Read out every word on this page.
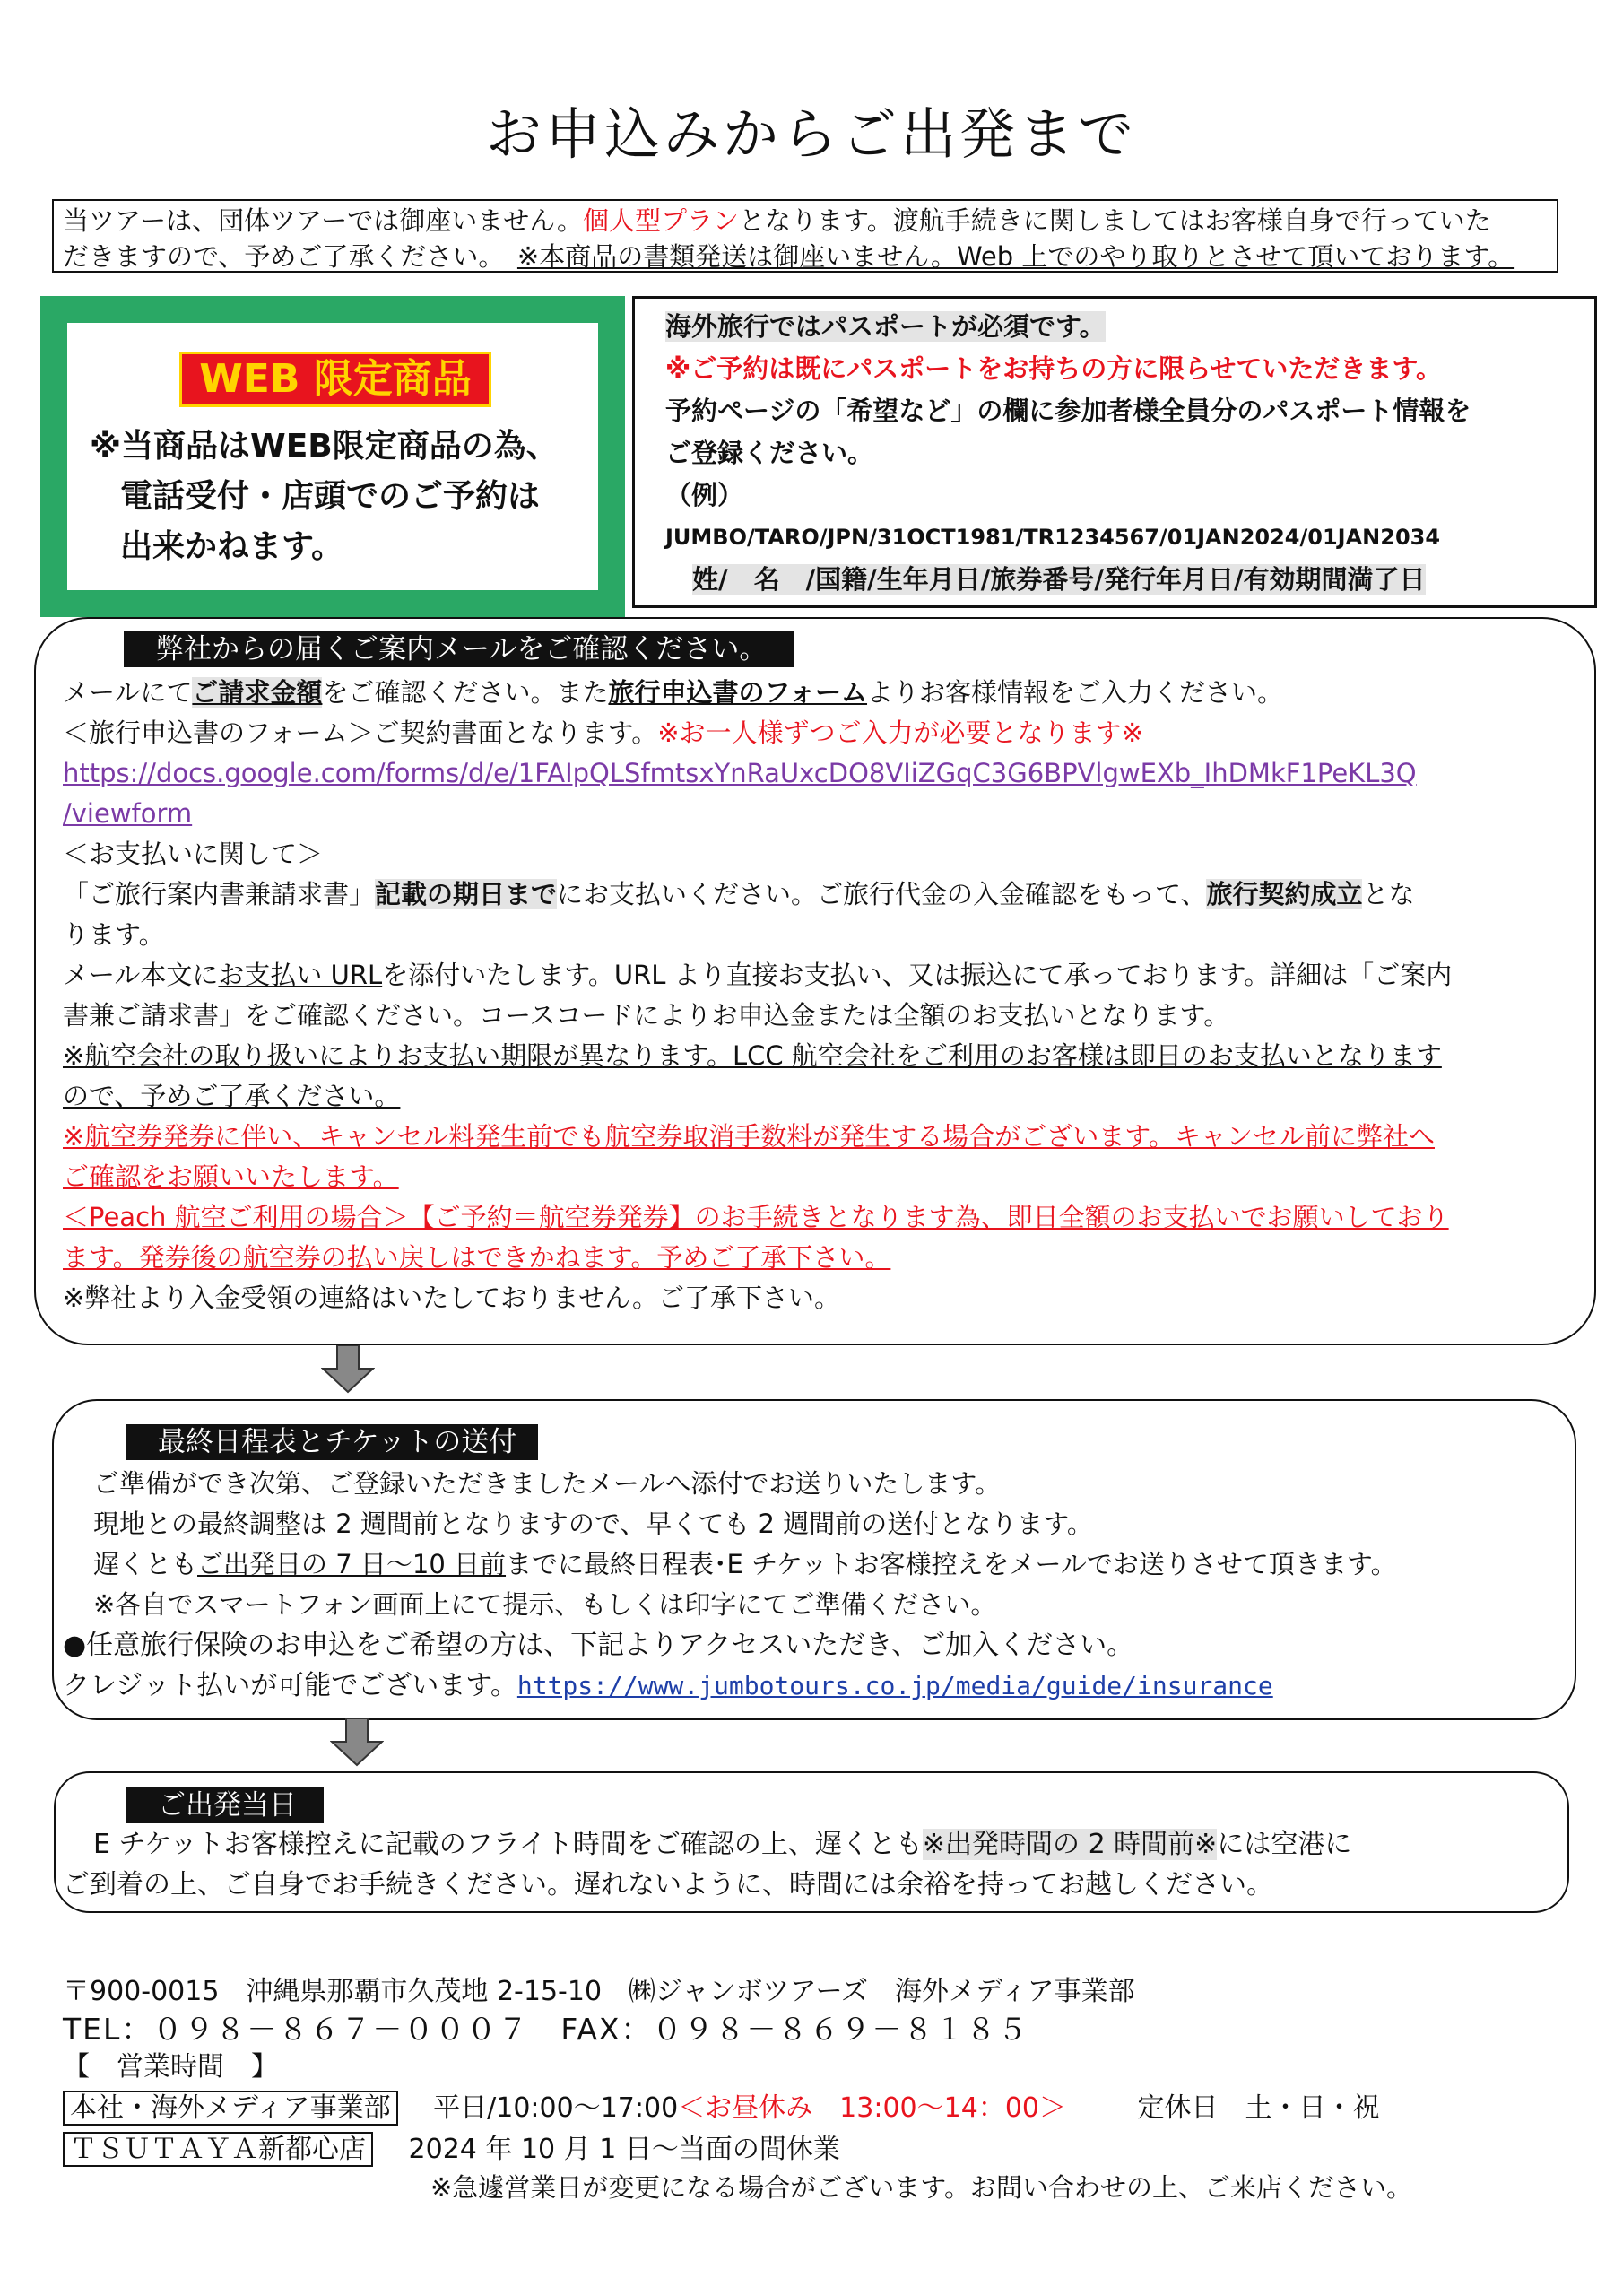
お申込みからご出発まで
当ツアーは、団体ツアーでは御座いません。個人型プランとなります。渡航手続きに関しましてはお客様自身で行っていた
だきますので、予めご了承ください。　※本商品の書類発送は御座いません。Web 上でのやり取りとさせて頂いております。
WEB 限定商品
※当商品はWEB限定商品の為、
電話受付・店頭でのご予約は
出来かねます。
海外旅行ではパスポートが必須です。
※ご予約は既にパスポートをお持ちの方に限らせていただきます。
予約ページの「希望など」の欄に参加者様全員分のパスポート情報を
ご登録ください。
（例）
JUMBO/TARO/JPN/31OCT1981/TR1234567/01JAN2024/01JAN2034
姓/　名　/国籍/生年月日/旅券番号/発行年月日/有効期間満了日
弊社からの届くご案内メールをご確認ください。
メールにてご請求金額をご確認ください。また旅行申込書のフォームよりお客様情報をご入力ください。
＜旅行申込書のフォーム＞ご契約書面となります。※お一人様ずつご入力が必要となります※
https://docs.google.com/forms/d/e/1FAIpQLSfmtsxYnRaUxcDO8VIiZGqC3G6BPVlgwEXb_IhDMkF1PeKL3Q
/viewform
＜お支払いに関して＞
「ご旅行案内書兼請求書」記載の期日までにお支払いください。ご旅行代金の入金確認をもって、旅行契約成立とな
ります。
メール本文にお支払い URLを添付いたします。URL より直接お支払い、又は振込にて承っております。詳細は「ご案内
書兼ご請求書」をご確認ください。コースコードによりお申込金または全額のお支払いとなります。
※航空会社の取り扱いによりお支払い期限が異なります。LCC 航空会社をご利用のお客様は即日のお支払いとなります
ので、予めご了承ください。
※航空券発券に伴い、キャンセル料発生前でも航空券取消手数料が発生する場合がございます。キャンセル前に弊社へ
ご確認をお願いいたします。
＜Peach 航空ご利用の場合＞【ご予約＝航空券発券】のお手続きとなります為、即日全額のお支払いでお願いしており
ます。発券後の航空券の払い戻しはできかねます。予めご了承下さい。
※弊社より入金受領の連絡はいたしておりません。ご了承下さい。
最終日程表とチケットの送付
ご準備ができ次第、ご登録いただきましたメールへ添付でお送りいたします。
現地との最終調整は 2 週間前となりますので、早くても 2 週間前の送付となります。
遅くともご出発日の 7 日～10 日前までに最終日程表･E チケットお客様控えをメールでお送りさせて頂きます。
※各自でスマートフォン画面上にて提示、もしくは印字にてご準備ください。
●任意旅行保険のお申込をご希望の方は、下記よりアクセスいただき、ご加入ください。
クレジット払いが可能でございます。https://www.jumbotours.co.jp/media/guide/insurance
ご出発当日
E チケットお客様控えに記載のフライト時間をご確認の上、遅くとも※出発時間の 2 時間前※には空港に
ご到着の上、ご自身でお手続きください。遅れないように、時間には余裕を持ってお越しください。
〒900-0015　沖縄県那覇市久茂地 2-15-10　㈱ジャンボツアーズ　海外メディア事業部
TEL：０９８－８６７－０００７　FAX：０９８－８６９－８１８５
【　営業時間　】
本社・海外メディア事業部　 平日/10:00～17:00＜お昼休み　13:00～14：00＞	定休日　土・日・祝
ＴＳＵＴＡＹＡ新都心店　 2024 年 10 月 1 日～当面の間休業
※急遽営業日が変更になる場合がございます。お問い合わせの上、ご来店ください。
